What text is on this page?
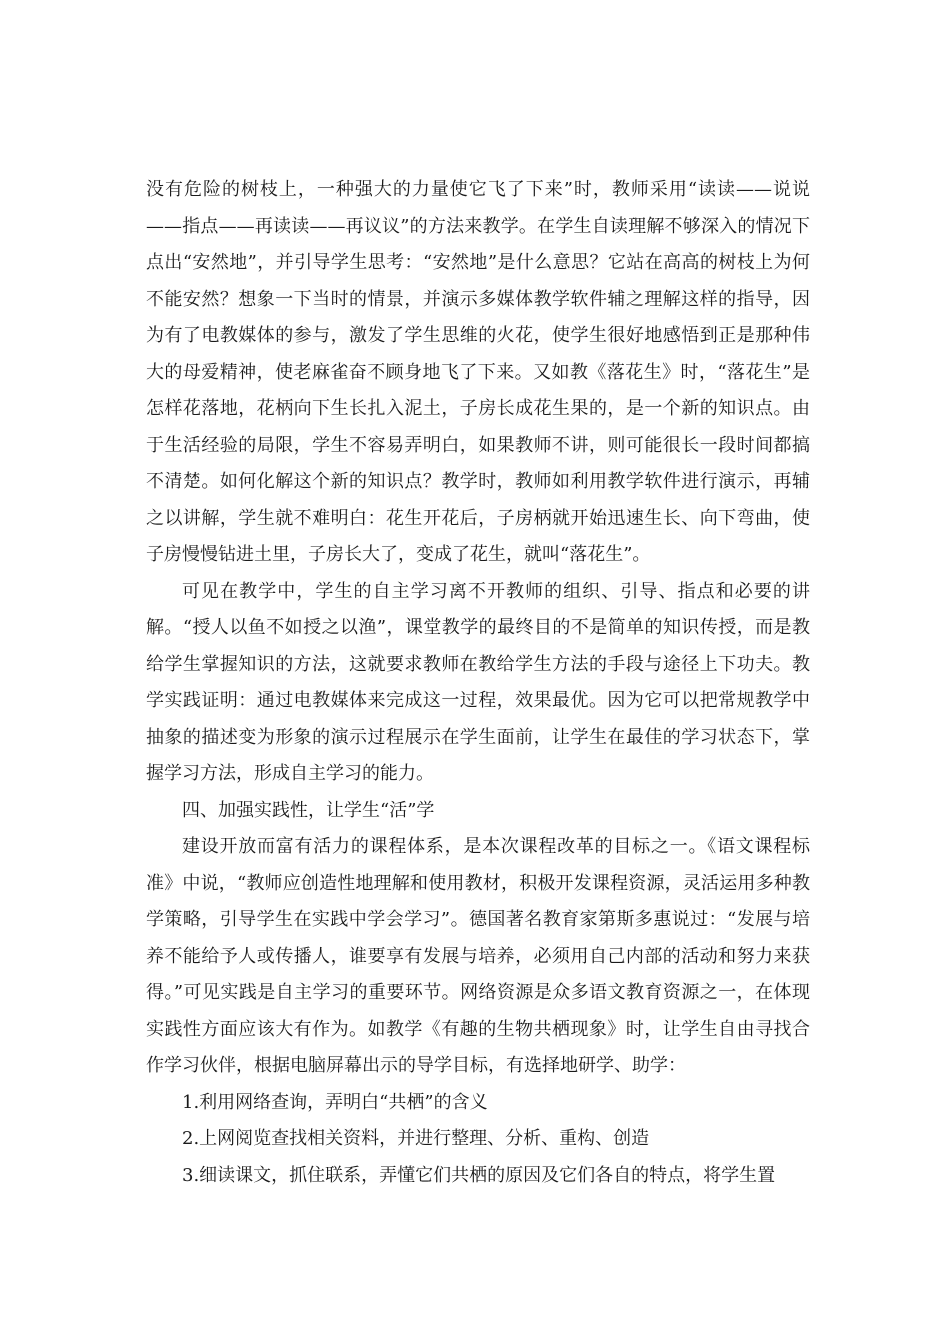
没有危险的树枝上，一种强大的力量使它飞了下来”时，教师采用“读读——说说——指点——再读读——再议议”的方法来教学。在学生自读理解不够深入的情况下点出“安然地”，并引导学生思考：“安然地”是什么意思？它站在高高的树枝上为何不能安然？想象一下当时的情景，并演示多媒体教学软件辅之理解这样的指导，因为有了电教媒体的参与，激发了学生思维的火花，使学生很好地感悟到正是那种伟大的母爱精神，使老麻雀奋不顾身地飞了下来。又如教《落花生》时，“落花生”是怎样花落地，花柄向下生长扎入泥土，子房长成花生果的，是一个新的知识点。由于生活经验的局限，学生不容易弄明白，如果教师不讲，则可能很长一段时间都搞不清楚。如何化解这个新的知识点？教学时，教师如利用教学软件进行演示，再辅之以讲解，学生就不难明白：花生开花后，子房柄就开始迅速生长、向下弯曲，使子房慢慢钻进土里，子房长大了，变成了花生，就叫“落花生”。

可见在教学中，学生的自主学习离不开教师的组织、引导、指点和必要的讲解。“授人以鱼不如授之以渔”，课堂教学的最终目的不是简单的知识传授，而是教给学生掌握知识的方法，这就要求教师在教给学生方法的手段与途径上下功夫。教学实践证明：通过电教媒体来完成这一过程，效果最优。因为它可以把常规教学中抽象的描述变为形象的演示过程展示在学生面前，让学生在最佳的学习状态下，掌握学习方法，形成自主学习的能力。

四、加强实践性，让学生“活”学

建设开放而富有活力的课程体系，是本次课程改革的目标之一。《语文课程标准》中说，“教师应创造性地理解和使用教材，积极开发课程资源，灵活运用多种教学策略，引导学生在实践中学会学习”。德国著名教育家第斯多惠说过：“发展与培养不能给予人或传播人，谁要享有发展与培养，必须用自己内部的活动和努力来获得。”可见实践是自主学习的重要环节。网络资源是众多语文教育资源之一，在体现实践性方面应该大有作为。如教学《有趣的生物共栖现象》时，让学生自由寻找合作学习伙伴，根据电脑屏幕出示的导学目标，有选择地研学、助学：

1.利用网络查询，弄明白“共栖”的含义

2.上网阅览查找相关资料，并进行整理、分析、重构、创造

3.细读课文，抓住联系，弄懂它们共栖的原因及它们各自的特点，将学生置
